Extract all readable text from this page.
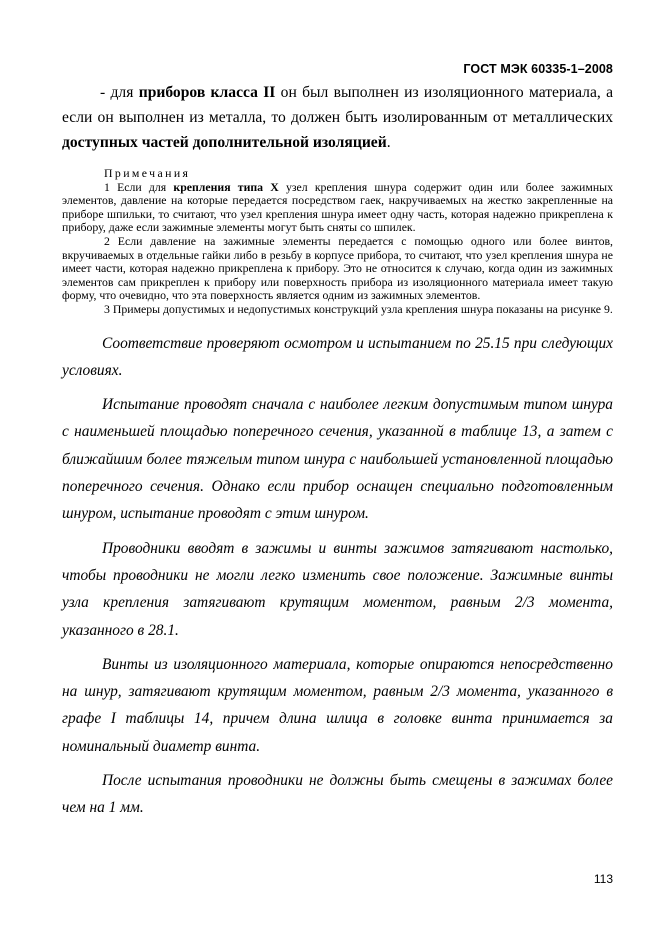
ГОСТ МЭК 60335-1–2008

- для приборов класса II он был выполнен из изоляционного материала, а если он выполнен из металла, то должен быть изолированным от металлических доступных частей дополнительной изоляцией.

Примечания

1 Если для крепления типа X узел крепления шнура содержит один или более зажимных элементов, давление на которые передается посредством гаек, накручиваемых на жестко закрепленные на приборе шпильки, то считают, что узел крепления шнура имеет одну часть, которая надежно прикреплена к прибору, даже если зажимные элементы могут быть сняты со шпилек.

2 Если давление на зажимные элементы передается с помощью одного или более винтов, вкручиваемых в отдельные гайки либо в резьбу в корпусе прибора, то считают, что узел крепления шнура не имеет части, которая надежно прикреплена к прибору. Это не относится к случаю, когда один из зажимных элементов сам прикреплен к прибору или поверхность прибора из изоляционного материала имеет такую форму, что очевидно, что эта поверхность является одним из зажимных элементов.

3 Примеры допустимых и недопустимых конструкций узла крепления шнура показаны на рисунке 9.

Соответствие проверяют осмотром и испытанием по 25.15 при следующих условиях.

Испытание проводят сначала с наиболее легким допустимым типом шнура с наименьшей площадью поперечного сечения, указанной в таблице 13, а затем с ближайшим более тяжелым типом шнура с наибольшей установленной площадью поперечного сечения. Однако если прибор оснащен специально подготовленным шнуром, испытание проводят с этим шнуром.

Проводники вводят в зажимы и винты зажимов затягивают настолько, чтобы проводники не могли легко изменить свое положение. Зажимные винты узла крепления затягивают крутящим моментом, равным 2/3 момента, указанного в 28.1.

Винты из изоляционного материала, которые опираются непосредственно на шнур, затягивают крутящим моментом, равным 2/3 момента, указанного в графе I таблицы 14, причем длина шлица в головке винта принимается за номинальный диаметр винта.

После испытания проводники не должны быть смещены в зажимах более чем на 1 мм.

113
